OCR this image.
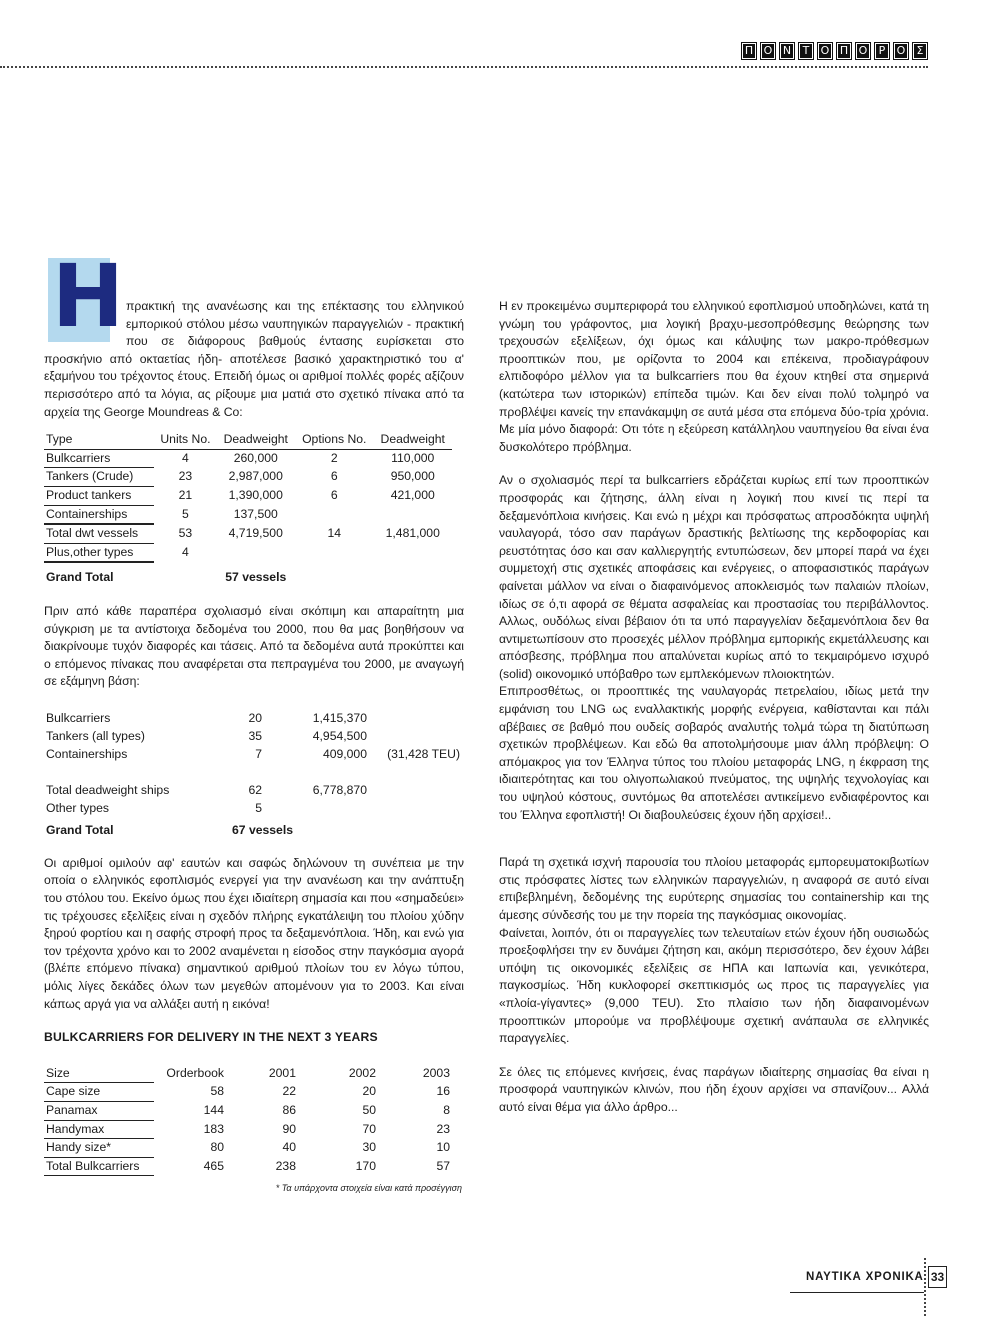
Π Ο Ν	Τ	Ο Π Ο	Ρ	Ο	Σ
Η πρακτική της ανανέωσης και της επέκτασης του ελληνικού εμπορικού στόλου μέσω ναυπηγικών παραγγελιών - πρακτική που σε διάφορους βαθμούς έντασης ευρίσκεται στο προσκήνιο από οκταετίας ήδη- αποτέλεσε βασικό χαρακτηριστικό του α' εξαμήνου του τρέχοντος έτους. Επειδή όμως οι αριθμοί πολλές φορές αξίζουν περισσότερο από τα λόγια, ας ρίξουμε μια ματιά στο σχετικό πίνακα από τα αρχεία της George Moundreas & Co:

Type	Units No.	Deadweight	Options No.	Deadweight
Bulkcarriers	4	260,000	2	110,000
Tankers (Crude)	23	2,987,000	6	950,000
Product tankers	21	1,390,000	6	421,000
Containerships	5	137,500		
Total dwt vessels	53	4,719,500	14	1,481,000
Plus,other types	4			
Grand Total		57 vessels		

Πριν από κάθε παραπέρα σχολιασμό είναι σκόπιμη και απαραίτητη μια σύγκριση με τα αντίστοιχα δεδομένα του 2000, που θα μας βοηθήσουν να διακρίνουμε τυχόν διαφορές και τάσεις. Από τα δεδομένα αυτά προκύπτει και ο επόμενος πίνακας που αναφέρεται στα πεπραγμένα του 2000, με αναγωγή σε εξάμηνη βάση:

Bulkcarriers	20	1,415,370	
Tankers (all types)	35	4,954,500	
Containerships	7	409,000	(31,428 TEU)

Total deadweight ships	62	6,778,870	
Other types	5		
Grand Total	67 vessels		

Οι αριθμοί ομιλούν αφ' εαυτών και σαφώς δηλώνουν τη συνέπεια με την οποία ο ελληνικός εφοπλισμός ενεργεί για την ανανέωση και την ανάπτυξη του στόλου του. Εκείνο όμως που έχει ιδιαίτερη σημασία και που «σημαδεύει» τις τρέχουσες εξελίξεις είναι η σχεδόν πλήρης εγκατάλειψη του πλοίου χύδην ξηρού φορτίου και η σαφής στροφή προς τα δεξαμενόπλοια. Ήδη, και ενώ για τον τρέχοντα χρόνο και το 2002 αναμένεται η είσοδος στην παγκόσμια αγορά (βλέπε επόμενο πίνακα) σημαντικού αριθμού πλοίων του εν λόγω τύπου, μόλις λίγες δεκάδες όλων των μεγεθών απομένουν για το 2003. Και είναι κάπως αργά για να αλλάξει αυτή η εικόνα!

BULKCARRIERS FOR DELIVERY IN THE NEXT 3 YEARS
Size	Orderbook	2001	2002	2003
Cape size	58	22	20	16
Panamax	144	86	50	8
Handymax	183	90	70	23
Handy size*	80	40	30	10
Total Bulkcarriers	465	238	170	57
* Τα υπάρχοντα στοιχεία είναι κατά προσέγγιση

Η εν προκειμένω συμπεριφορά του ελληνικού εφοπλισμού υποδηλώνει, κατά τη γνώμη του γράφοντος, μια λογική βραχυ-μεσοπρόθεσμης θεώρησης των τρεχουσών εξελίξεων, όχι όμως και κάλυψης των μακρο-πρόθεσμων προοπτικών που, με ορίζοντα το 2004 και επέκεινα, προδιαγράφουν ελπιδοφόρο μέλλον για τα bulkcarriers που θα έχουν κτηθεί στα σημερινά (κατώτερα των ιστορικών) επίπεδα τιμών. Και δεν είναι πολύ τολμηρό να προβλέψει κανείς την επανάκαμψη σε αυτά μέσα στα επόμενα δύο-τρία χρόνια. Με μία μόνο διαφορά: Οτι τότε η εξεύρεση κατάλληλου ναυπηγείου θα είναι ένα δυσκολότερο πρόβλημα.

Αν ο σχολιασμός περί τα bulkcarriers εδράζεται κυρίως επί των προοπτικών προσφοράς και ζήτησης, άλλη είναι η λογική που κινεί τις περί τα δεξαμενόπλοια κινήσεις. Και ενώ η μέχρι και πρόσφατως απροσδόκητα υψηλή ναυλαγορά, τόσο σαν παράγων δραστικής βελτίωσης της κερδοφορίας και ρευστότητας όσο και σαν καλλιεργητής εντυπώσεων, δεν μπορεί παρά να έχει συμμετοχή στις σχετικές αποφάσεις και ενέργειες, ο αποφασιστικός παράγων φαίνεται μάλλον να είναι ο διαφαινόμενος αποκλεισμός των παλαιών πλοίων, ιδίως σε ό,τι αφορά σε θέματα ασφαλείας και προστασίας του περιβάλλοντος. Αλλως, ουδόλως είναι βέβαιον ότι τα υπό παραγγελίαν δεξαμενόπλοια δεν θα αντιμετωπίσουν στο προσεχές μέλλον πρόβλημα εμπορικής εκμετάλλευσης και απόσβεσης, πρόβλημα που απαλύνεται κυρίως από το τεκμαιρόμενο ισχυρό (solid) οικονομικό υπόβαθρο των εμπλεκόμενων πλοιοκτητών.

Επιπροσθέτως, οι προοπτικές της ναυλαγοράς πετρελαίου, ιδίως μετά την εμφάνιση του LNG ως εναλλακτικής μορφής ενέργεια, καθίστανται και πάλι αβέβαιες σε βαθμό που ουδείς σοβαρός αναλυτής τολμά τώρα τη διατύπωση σχετικών προβλέψεων. Και εδώ θα αποτολμήσουμε μιαν άλλη πρόβλεψη: Ο απόμακρος για τον Έλληνα τύπος του πλοίου μεταφοράς LNG, η έκφραση της ιδιαιτερότητας και του ολιγοπωλιακού πνεύματος, της υψηλής τεχνολογίας και του υψηλού κόστους, συντόμως θα αποτελέσει αντικείμενο ενδιαφέροντος και του Έλληνα εφοπλιστή! Οι διαβουλεύσεις έχουν ήδη αρχίσει!..

Παρά τη σχετικά ισχνή παρουσία του πλοίου μεταφοράς εμπορευματοκιβωτίων στις πρόσφατες λίστες των ελληνικών παραγγελιών, η αναφορά σε αυτό είναι επιβεβλημένη, δεδομένης της ευρύτερης σημασίας του containership και της άμεσης σύνδεσής του με την πορεία της παγκόσμιας οικονομίας.

Φαίνεται, λοιπόν, ότι οι παραγγελίες των τελευταίων ετών έχουν ήδη ουσιωδώς προεξοφλήσει την εν δυνάμει ζήτηση και, ακόμη περισσότερο, δεν έχουν λάβει υπόψη τις οικονομικές εξελίξεις σε ΗΠΑ και Ιαπωνία και, γενικότερα, παγκοσμίως. Ήδη κυκλοφορεί σκεπτικισμός ως προς τις παραγγελίες για «πλοία-γίγαντες» (9,000 TEU). Στο πλαίσιο των ήδη διαφαινομένων προοπτικών μπορούμε να προβλέψουμε σχετική ανάπαυλα σε ελληνικές παραγγελίες.

Σε όλες τις επόμενες κινήσεις, ένας παράγων ιδιαίτερης σημασίας θα είναι η προσφορά ναυπηγικών κλινών, που ήδη έχουν αρχίσει να σπανίζουν... Αλλά αυτό είναι θέμα για άλλο άρθρο...

ΝΑΥΤΙΚΑ ΧΡΟΝΙΚΑ 33
